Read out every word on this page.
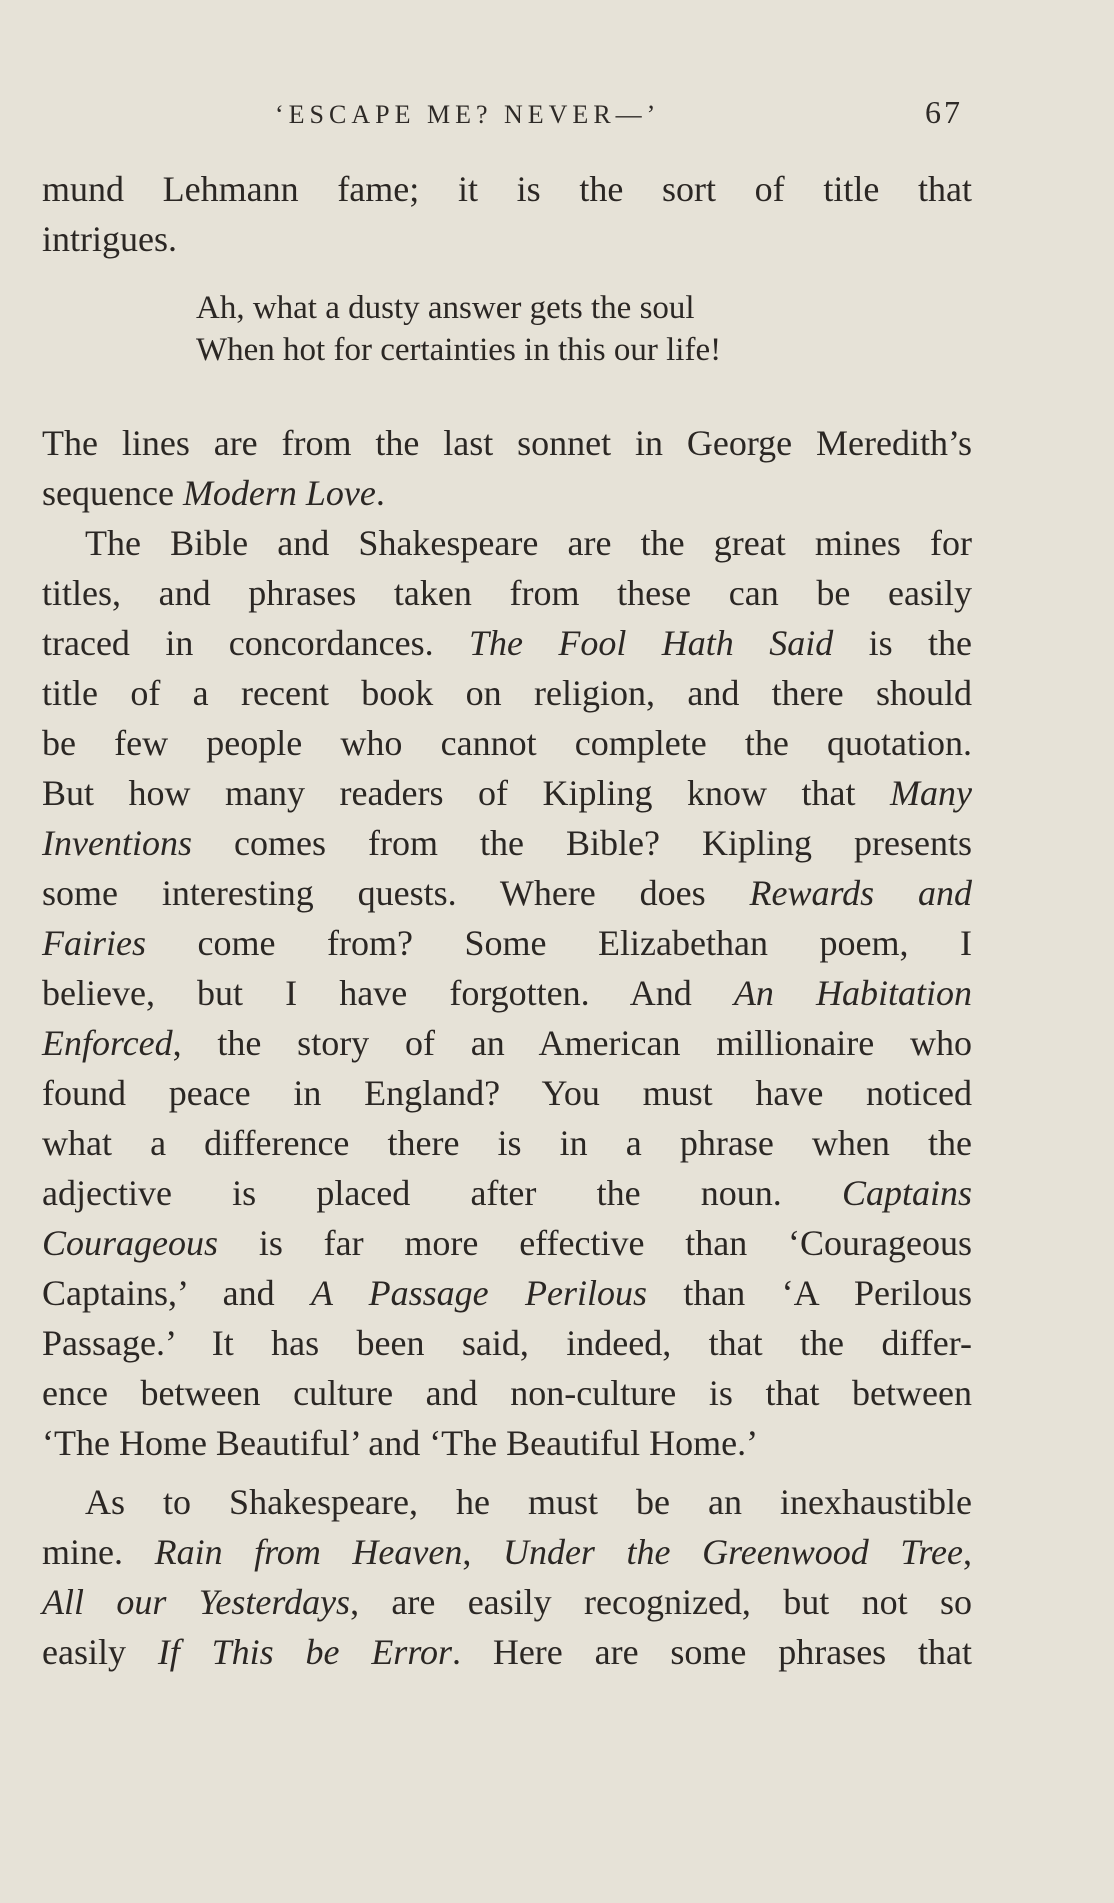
‘ESCAPE ME? NEVER—’	67
mund Lehmann fame; it is the sort of title that
intrigues.
Ah, what a dusty answer gets the soul
When hot for certainties in this our life!
The lines are from the last sonnet in George Meredith’s
sequence Modern Love.
The Bible and Shakespeare are the great mines for
titles, and phrases taken from these can be easily
traced in concordances. The Fool Hath Said is the
title of a recent book on religion, and there should
be few people who cannot complete the quotation.
But how many readers of Kipling know that Many
Inventions comes from the Bible? Kipling presents
some interesting quests. Where does Rewards and
Fairies come from? Some Elizabethan poem, I
believe, but I have forgotten. And An Habitation
Enforced, the story of an American millionaire who
found peace in England? You must have noticed
what a difference there is in a phrase when the
adjective is placed after the noun. Captains
Courageous is far more effective than ‘Courageous
Captains,’ and A Passage Perilous than ‘A Perilous
Passage.’ It has been said, indeed, that the differ-
ence between culture and non-culture is that between
‘The Home Beautiful’ and ‘The Beautiful Home.’
As to Shakespeare, he must be an inexhaustible
mine. Rain from Heaven, Under the Greenwood Tree,
All our Yesterdays, are easily recognized, but not so
easily If This be Error. Here are some phrases that
